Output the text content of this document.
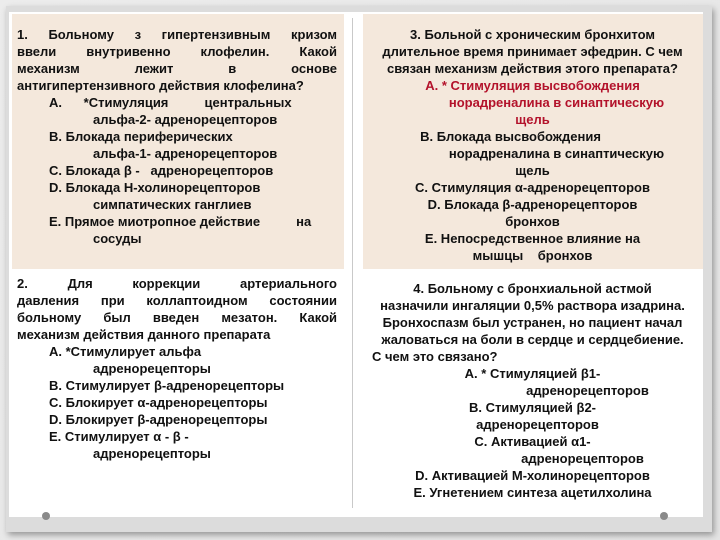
1. Больному з гипертензивным кризом

ввели внутривенно клофелин. Какой

механизм лежит в основе

антигипертензивного действия клофелина?

А.      *Стимуляция          центральных

альфа-2- адренорецепторов

В. Блокада периферических

альфа-1- адренорецепторов

С. Блокада β -   адренорецепторов

D. Блокада Н-холинорецепторов

симпатических ганглиев

Е. Прямое миотропное действие          на

сосуды

2. Для коррекции артериального

давления при коллаптоидном состоянии

больному был введен мезатон. Какой

механизм действия данного препарата

А. *Стимулирует альфа

адренорецепторы

В. Стимулирует β-адренорецепторы

С. Блокирует α-адренорецепторы

D. Блокирует β-адренорецепторы

Е. Стимулирует α - β -

адренорецепторы

3. Больной с хроническим бронхитом

длительное время принимает эфедрин. С чем

связан механизм действия этого препарата?

А. * Стимуляция высвобождения

норадреналина в синаптическую

щель

В. Блокада высвобождения

норадреналина в синаптическую

щель

С. Стимуляция α-адренорецепторов

D. Блокада β-адренорецепторов

бронхов

Е. Непосредственное влияние на

мышцы    бронхов

4. Больному с бронхиальной астмой

назначили ингаляции 0,5% раствора изадрина.

Бронхоспазм был устранен, но пациент начал

жаловаться на боли в сердце и сердцебиение.

С чем это связано?

А. * Стимуляцией β1-

адренорецепторов

В. Стимуляцией β2-

адренорецепторов

С. Активацией α1-

адренорецепторов

D. Активацией М-холинорецепторов

Е. Угнетением синтеза ацетилхолина
